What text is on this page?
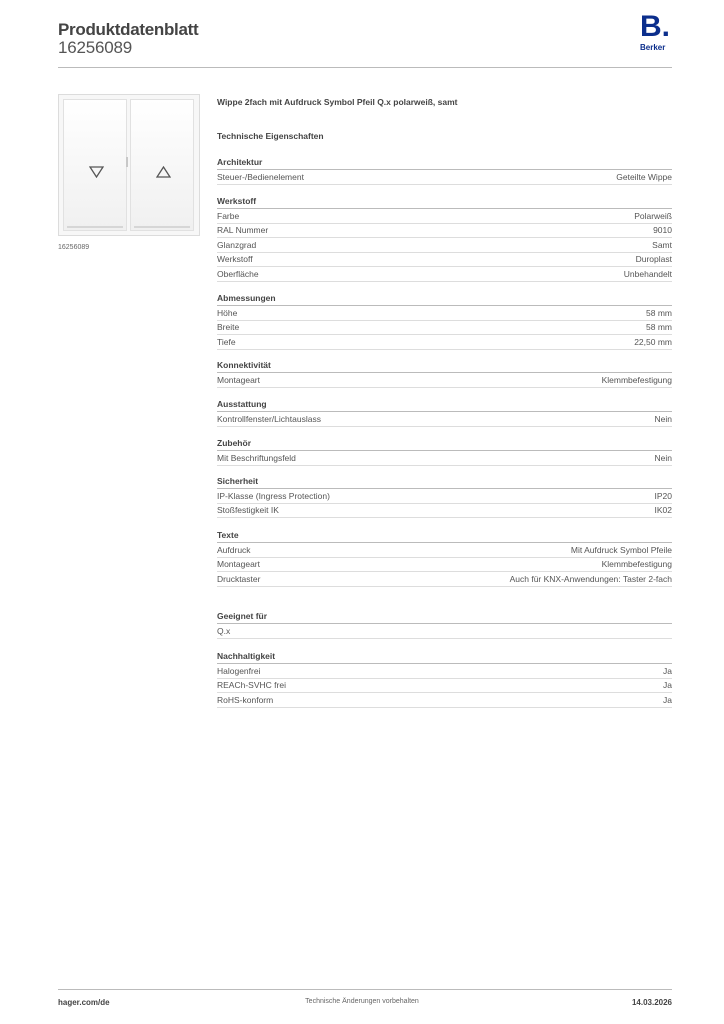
Produktdatenblatt
16256089
B.
Berker
16256089
Wippe 2fach mit Aufdruck Symbol Pfeil Q.x polarweiß, samt
Technische Eigenschaften
Architektur
Steuer-/Bedienelement	Geteilte Wippe
Werkstoff
Farbe	Polarweiß
RAL Nummer	9010
Glanzgrad	Samt
Werkstoff	Duroplast
Oberfläche	Unbehandelt
Abmessungen
Höhe	58 mm
Breite	58 mm
Tiefe	22,50 mm
Konnektivität
Montageart	Klemmbefestigung
Ausstattung
Kontrollfenster/Lichtauslass	Nein
Zubehör
Mit Beschriftungsfeld	Nein
Sicherheit
IP-Klasse (Ingress Protection)	IP20
Stoßfestigkeit IK	IK02
Texte
Aufdruck	Mit Aufdruck Symbol Pfeile
Montageart	Klemmbefestigung
Drucktaster	Auch für KNX-Anwendungen: Taster 2-fach
Geeignet für
Q.x
Nachhaltigkeit
Halogenfrei	Ja
REACh-SVHC frei	Ja
RoHS-konform	Ja
hager.com/de	Technische Änderungen vorbehalten	14.03.2026
